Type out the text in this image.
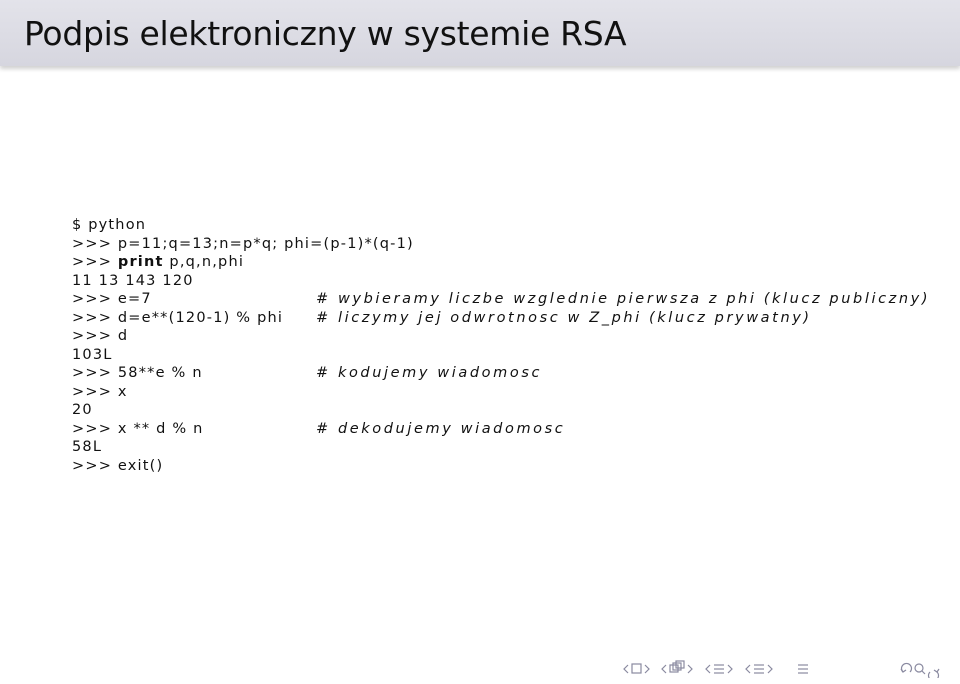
Podpis elektroniczny w systemie RSA

$ python

>>> p=11;q=13;n=p*q; phi=(p-1)*(q-1)

>>> print p,q,n,phi

11 13 143 120

>>> e=7

	# wybieramy liczbe wzglednie pierwsza z phi (klucz publiczny)

>>> d=e**(120-1) % phi

# liczymy jej odwrotnosc w Z_phi (klucz prywatny)

>>> d

103L

>>> 58**e % n

	# kodujemy wiadomosc

>>> x

20

>>> x ** d % n

	# dekodujemy wiadomosc

58L

>>> exit()
